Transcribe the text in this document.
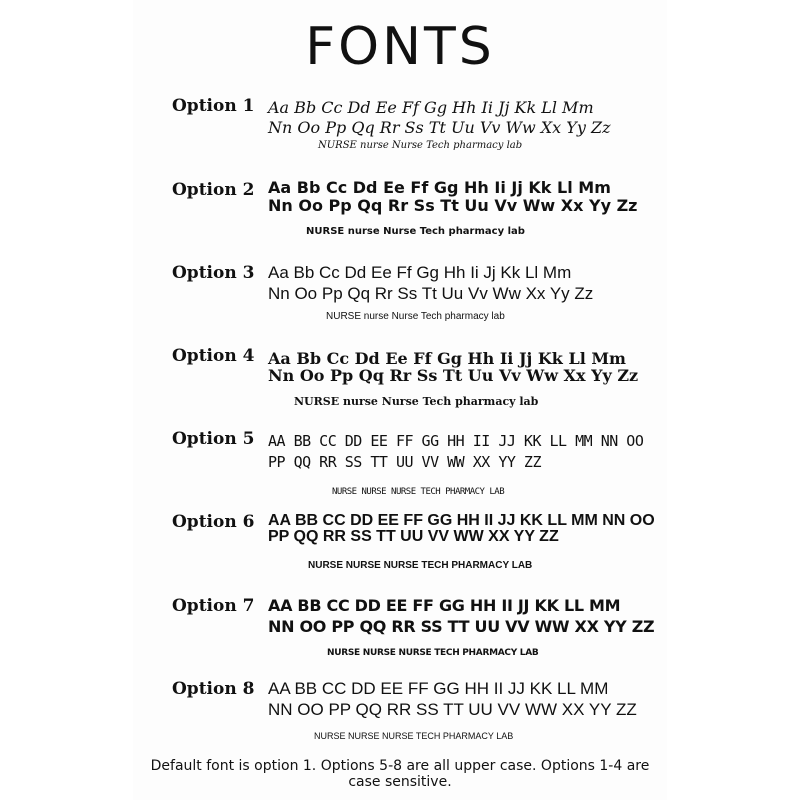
FONTS
Option 1 Aa Bb Cc Dd Ee Ff Gg Hh Ii Jj Kk Ll Mm
Nn Oo Pp Qq Rr Ss Tt Uu Vv Ww Xx Yy Zz
NURSE nurse Nurse Tech pharmacy lab
Option 2 Aa Bb Cc Dd Ee Ff Gg Hh Ii Jj Kk Ll Mm
Nn Oo Pp Qq Rr Ss Tt Uu Vv Ww Xx Yy Zz
NURSE nurse Nurse Tech pharmacy lab
Option 3 Aa Bb Cc Dd Ee Ff Gg Hh Ii Jj Kk Ll Mm
Nn Oo Pp Qq Rr Ss Tt Uu Vv Ww Xx Yy Zz
NURSE nurse Nurse Tech pharmacy lab
Option 4 Aa Bb Cc Dd Ee Ff Gg Hh Ii Jj Kk Ll Mm
Nn Oo Pp Qq Rr Ss Tt Uu Vv Ww Xx Yy Zz
NURSE nurse Nurse Tech pharmacy lab
Option 5 AA BB CC DD EE FF GG HH II JJ KK LL MM NN OO
PP QQ RR SS TT UU VV WW XX YY ZZ
NURSE NURSE NURSE TECH PHARMACY LAB
Option 6 AA BB CC DD EE FF GG HH II JJ KK LL MM NN OO
PP QQ RR SS TT UU VV WW XX YY ZZ
NURSE NURSE NURSE TECH PHARMACY LAB
Option 7 AA BB CC DD EE FF GG HH II JJ KK LL MM
NN OO PP QQ RR SS TT UU VV WW XX YY ZZ
NURSE NURSE NURSE TECH PHARMACY LAB
Option 8 AA BB CC DD EE FF GG HH II JJ KK LL MM
NN OO PP QQ RR SS TT UU VV WW XX YY ZZ
NURSE NURSE NURSE TECH PHARMACY LAB
Default font is option 1. Options 5-8 are all upper case. Options 1-4 are case sensitive.
